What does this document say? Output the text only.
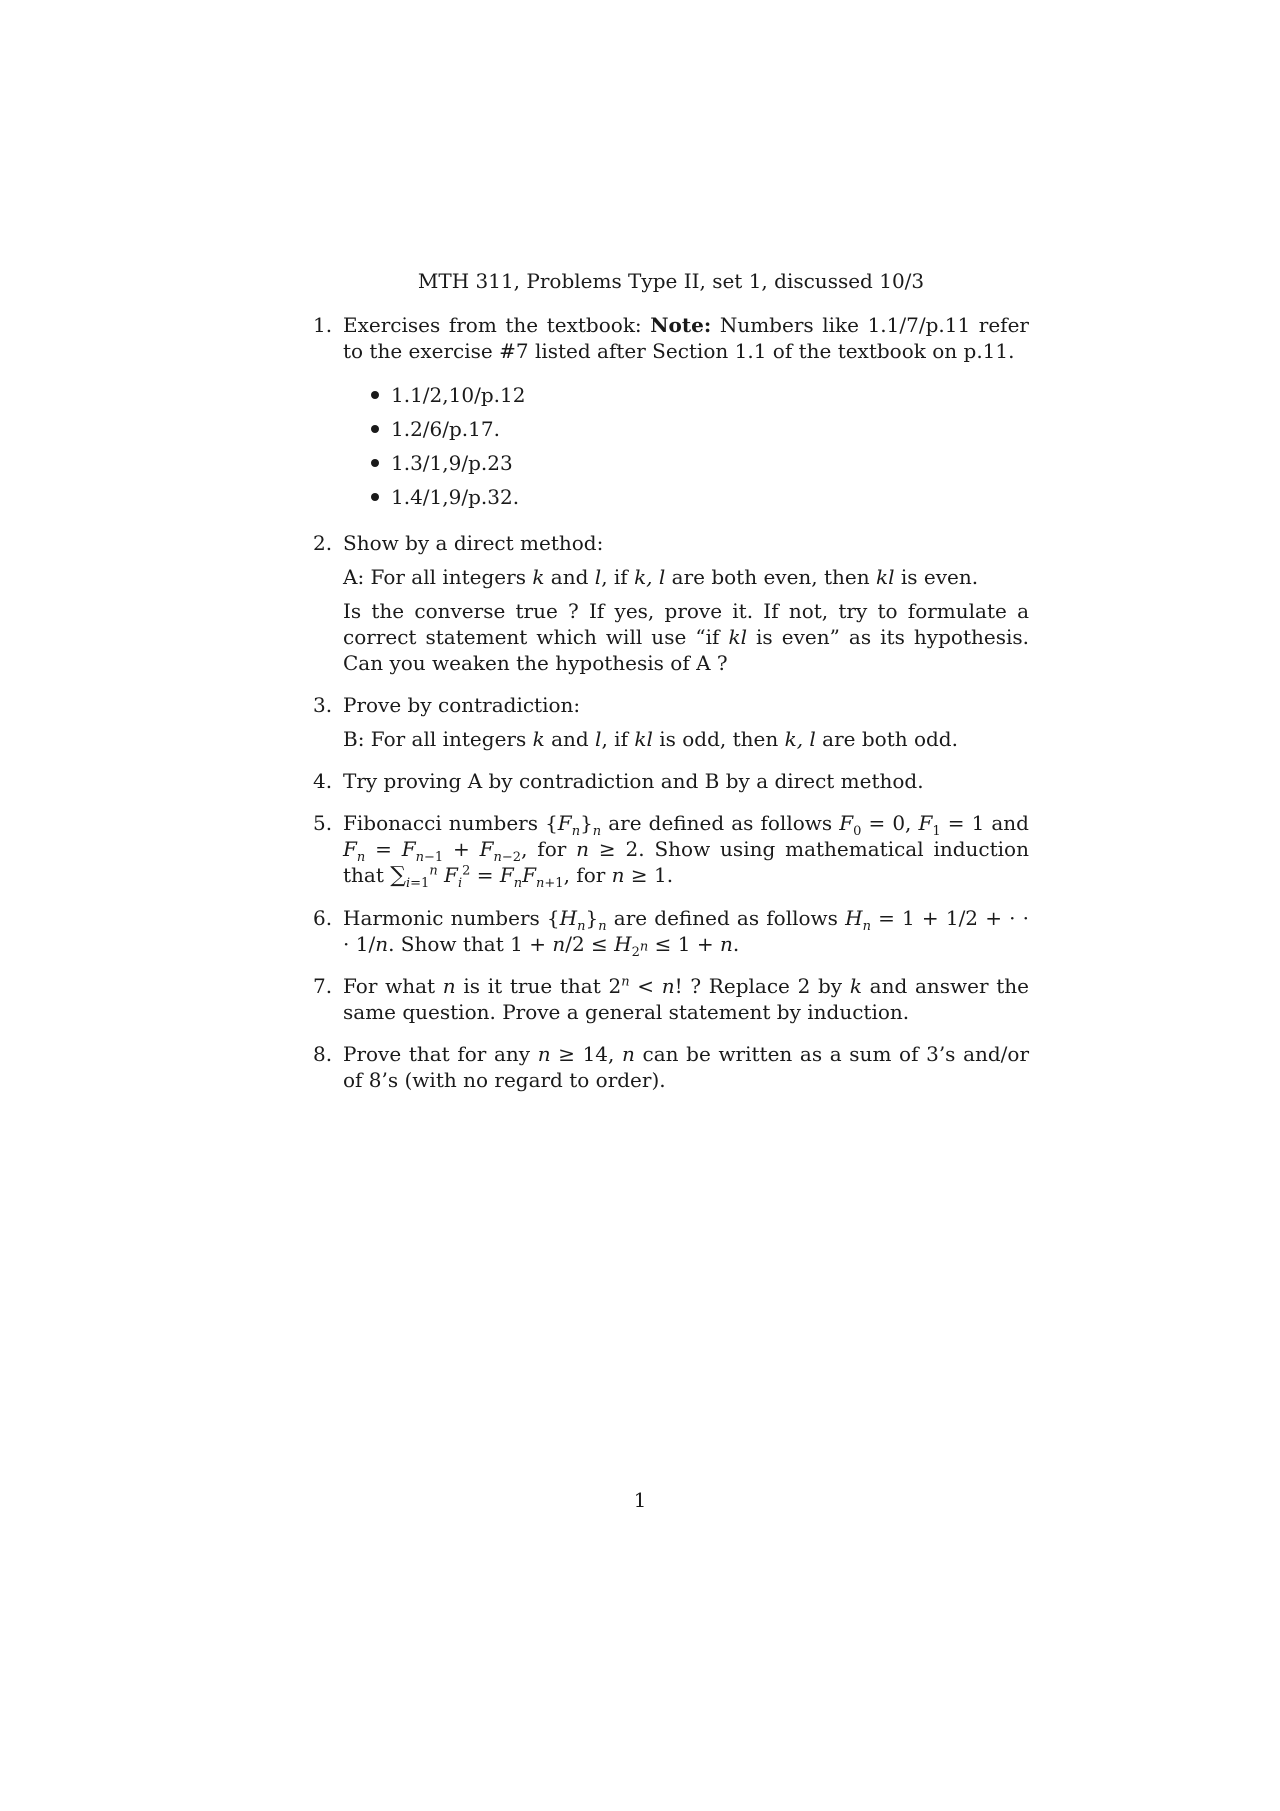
MTH 311, Problems Type II, set 1, discussed 10/3
1. Exercises from the textbook: Note: Numbers like 1.1/7/p.11 refer to the exercise #7 listed after Section 1.1 of the textbook on p.11.

1.1/2,10/p.12
1.2/6/p.17.
1.3/1,9/p.23
1.4/1,9/p.32.
2. Show by a direct method:

A: For all integers k and l, if k, l are both even, then kl is even.

Is the converse true ? If yes, prove it. If not, try to formulate a correct statement which will use “if kl is even” as its hypothesis. Can you weaken the hypothesis of A ?

3. Prove by contradiction:

B: For all integers k and l, if kl is odd, then k, l are both odd.

4. Try proving A by contradiction and B by a direct method.

5. Fibonacci numbers $\{F_n\}_n$ are defined as follows $F_0 = 0$, $F_1 = 1$ and $F_n = F_{n-1} + F_{n-2}$, for n ≥ 2. Show using mathematical induction that $\sum_{i=1}^n$ $F_i^2 = F_nF_{n+1}$, for n ≥ 1.

6. Harmonic numbers $\{H_n\}_n$ are defined as follows $H_n = 1 + 1/2$ + · · · 1/n. Show that $1 + n/2 \le H_{2^n} \le 1 + n$.

7. For what n is it true that $2^n < n$! ? Replace 2 by k and answer the same question. Prove a general statement by induction.

8. Prove that for any n ≥ 14, n can be written as a sum of 3’s and/or of 8’s (with no regard to order).

1
